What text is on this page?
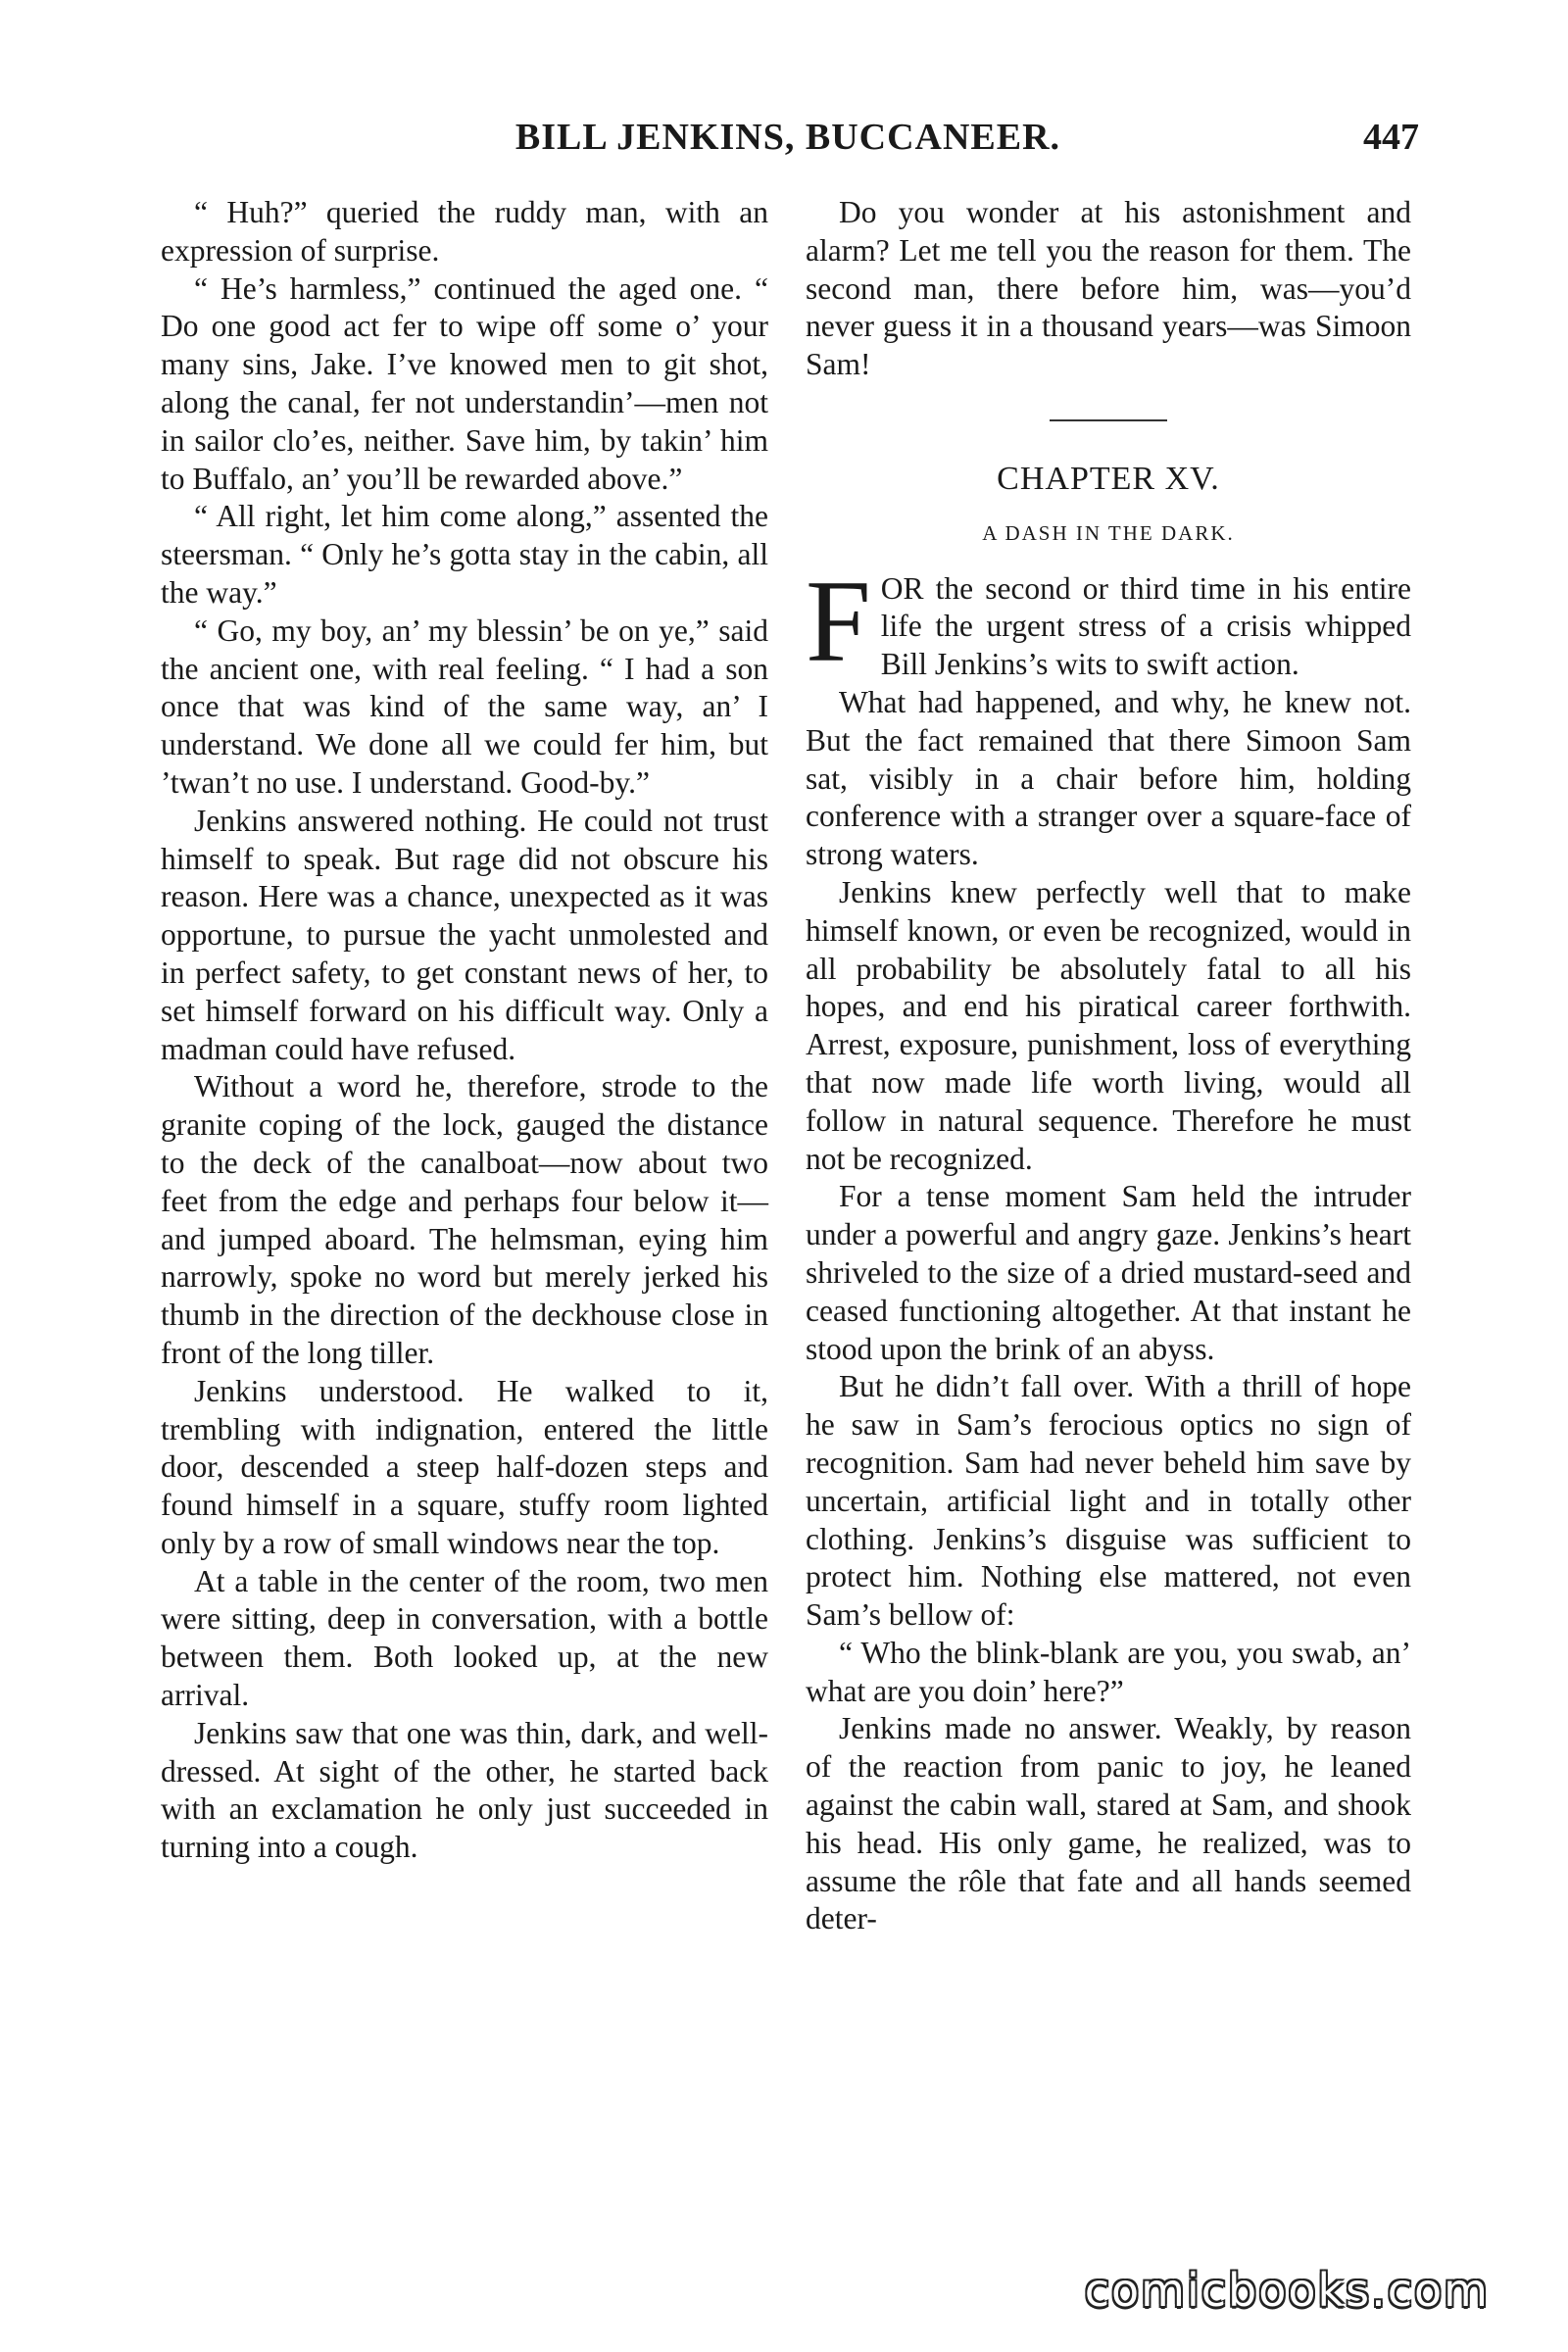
BILL JENKINS, BUCCANEER.	447

“ Huh?” queried the ruddy man, with an expression of surprise.

“ He’s harmless,” continued the aged one. “ Do one good act fer to wipe off some o’ your many sins, Jake. I’ve knowed men to git shot, along the canal, fer not understandin’—men not in sailor clo’es, neither. Save him, by takin’ him to Buffalo, an’ you’ll be rewarded above.”

“ All right, let him come along,” assented the steersman. “ Only he’s gotta stay in the cabin, all the way.”

“ Go, my boy, an’ my blessin’ be on ye,” said the ancient one, with real feeling. “ I had a son once that was kind of the same way, an’ I understand. We done all we could fer him, but ’twan’t no use. I understand. Good-by.”

Jenkins answered nothing. He could not trust himself to speak. But rage did not obscure his reason. Here was a chance, unexpected as it was opportune, to pursue the yacht unmolested and in perfect safety, to get constant news of her, to set himself forward on his difficult way. Only a madman could have refused.

Without a word he, therefore, strode to the granite coping of the lock, gauged the distance to the deck of the canalboat—now about two feet from the edge and perhaps four below it—and jumped aboard. The helmsman, eying him narrowly, spoke no word but merely jerked his thumb in the direction of the deckhouse close in front of the long tiller.

Jenkins understood. He walked to it, trembling with indignation, entered the little door, descended a steep half-dozen steps and found himself in a square, stuffy room lighted only by a row of small windows near the top.

At a table in the center of the room, two men were sitting, deep in conversation, with a bottle between them. Both looked up, at the new arrival.

Jenkins saw that one was thin, dark, and well-dressed. At sight of the other, he started back with an exclamation he only just succeeded in turning into a cough.

Do you wonder at his astonishment and alarm? Let me tell you the reason for them. The second man, there before him, was—you’d never guess it in a thousand years—was Simoon Sam!

CHAPTER XV.
A DASH IN THE DARK.

FOR the second or third time in his entire life the urgent stress of a crisis whipped Bill Jenkins’s wits to swift action.

What had happened, and why, he knew not. But the fact remained that there Simoon Sam sat, visibly in a chair before him, holding conference with a stranger over a square-face of strong waters.

Jenkins knew perfectly well that to make himself known, or even be recognized, would in all probability be absolutely fatal to all his hopes, and end his piratical career forthwith. Arrest, exposure, punishment, loss of everything that now made life worth living, would all follow in natural sequence. Therefore he must not be recognized.

For a tense moment Sam held the intruder under a powerful and angry gaze. Jenkins’s heart shriveled to the size of a dried mustard-seed and ceased functioning altogether. At that instant he stood upon the brink of an abyss.

But he didn’t fall over. With a thrill of hope he saw in Sam’s ferocious optics no sign of recognition. Sam had never beheld him save by uncertain, artificial light and in totally other clothing. Jenkins’s disguise was sufficient to protect him. Nothing else mattered, not even Sam’s bellow of:

“ Who the blink-blank are you, you swab, an’ what are you doin’ here?”

Jenkins made no answer. Weakly, by reason of the reaction from panic to joy, he leaned against the cabin wall, stared at Sam, and shook his head. His only game, he realized, was to assume the rôle that fate and all hands seemed deter-

comicbooks.com
